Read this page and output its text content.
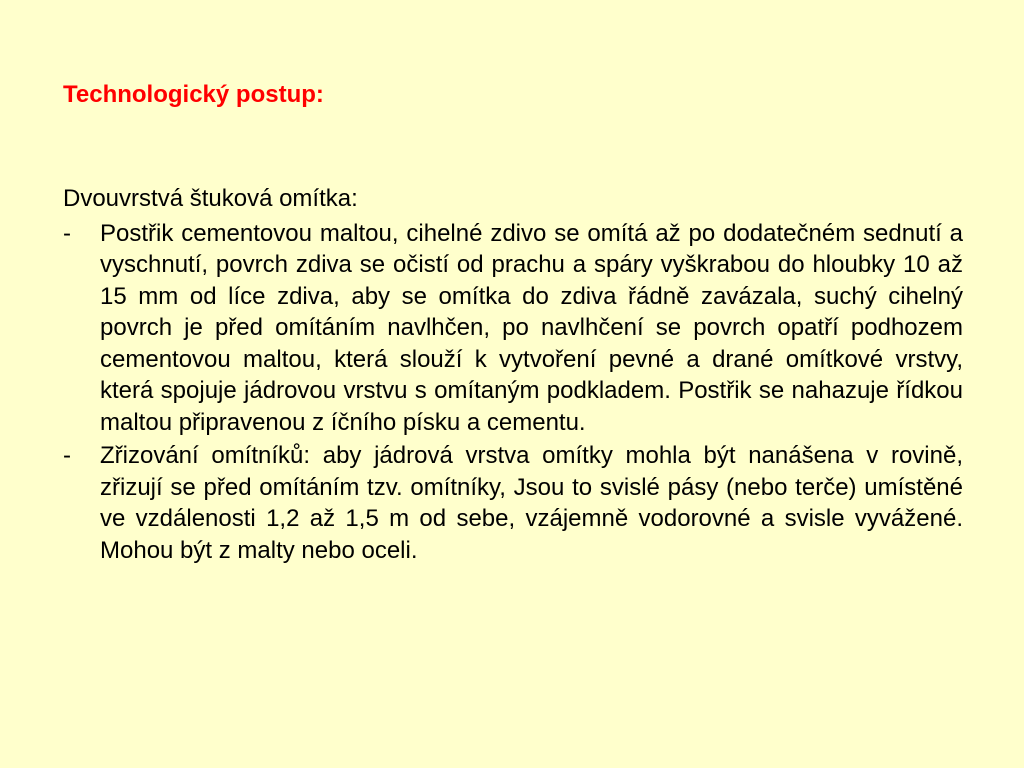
Technologický postup:

Dvouvrstvá štuková omítka:

- Postřik cementovou maltou, cihelné zdivo se omítá až po dodatečném sednutí a vyschnutí, povrch zdiva se očistí od prachu a spáry vyškrabou do hloubky 10 až 15 mm od líce zdiva, aby se omítka do zdiva řádně zavázala, suchý cihelný povrch je před omítáním navlhčen, po navlhčení se povrch opatří podhozem cementovou maltou, která slouží k vytvoření pevné a drané omítkové vrstvy, která spojuje jádrovou vrstvu s omítaným podkladem. Postřik se nahazuje řídkou maltou připravenou z íčního písku a cementu.
- Zřizování omítníků: aby jádrová vrstva omítky mohla být nanášena v rovině, zřizují se před omítáním tzv. omítníky, Jsou to svislé pásy (nebo terče) umístěné ve vzdálenosti 1,2 až 1,5 m od sebe, vzájemně vodorovné a svisle vyvážené. Mohou být z malty nebo oceli.
